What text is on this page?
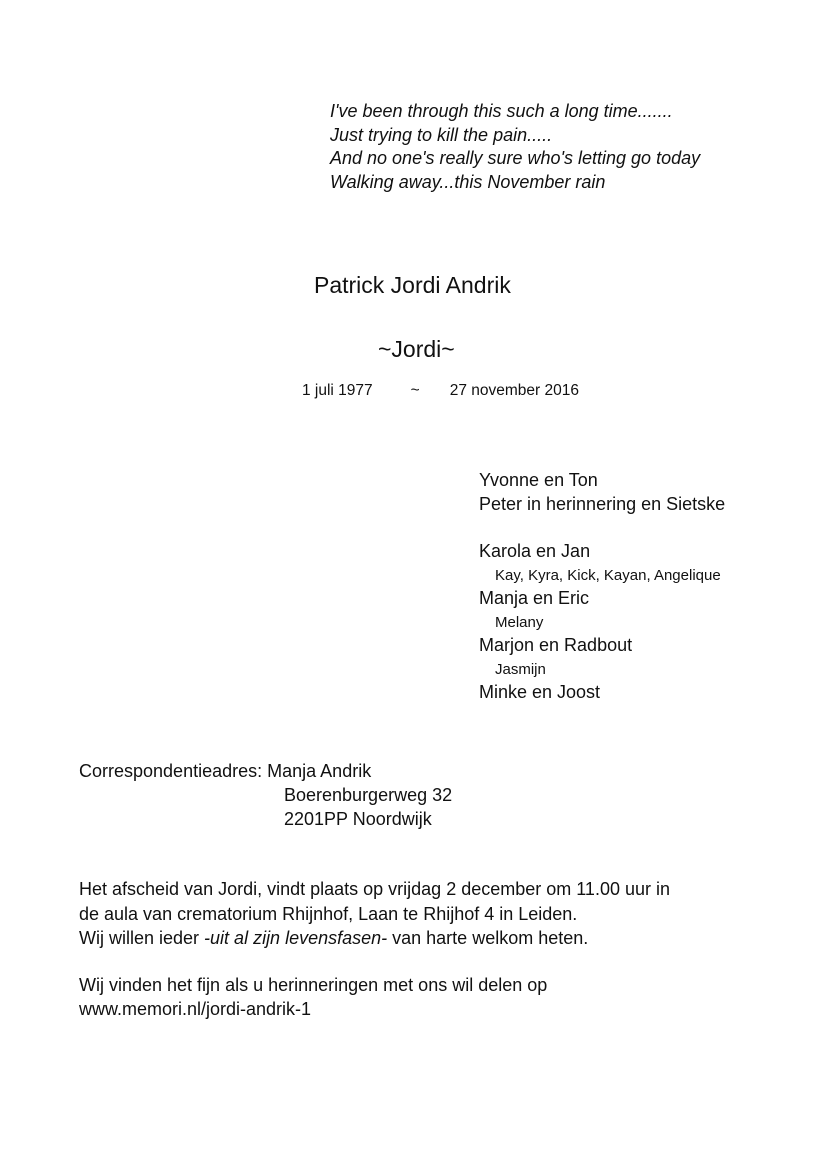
I've been through this such a long time.......
Just trying to kill the pain.....
And no one's really sure who's letting go today
Walking away...this November rain
Patrick Jordi Andrik
~Jordi~
1 juli 1977 ~ 27 november 2016
Yvonne en Ton
Peter in herinnering en Sietske
Karola en Jan
Kay, Kyra, Kick, Kayan, Angelique
Manja en Eric
Melany
Marjon en Radbout
Jasmijn
Minke en Joost
Correspondentieadres: Manja Andrik
Boerenburgerweg 32
2201PP Noordwijk
Het afscheid van Jordi, vindt plaats op vrijdag 2 december om 11.00 uur in
de aula van crematorium Rhijnhof, Laan te Rhijhof 4 in Leiden.
Wij willen ieder -uit al zijn levensfasen- van harte welkom heten.
Wij vinden het fijn als u herinneringen met ons wil delen op
www.memori.nl/jordi-andrik-1
